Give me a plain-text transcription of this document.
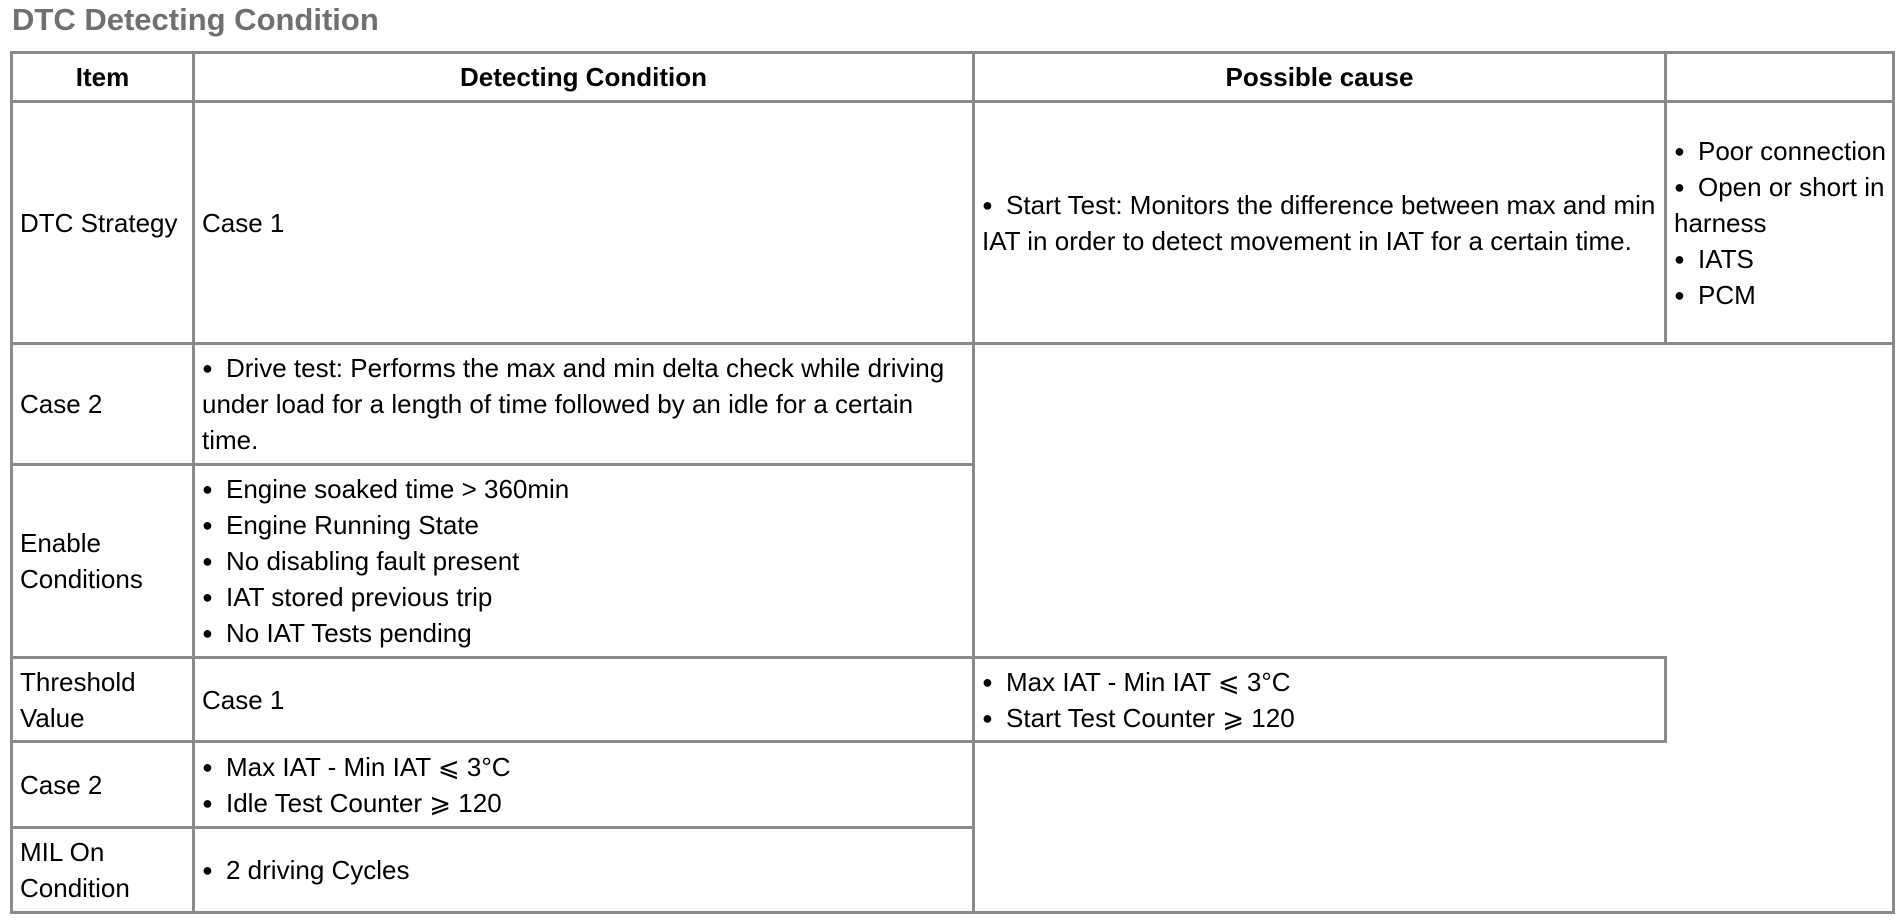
DTC Detecting Condition
Item	Detecting Condition	Possible cause
DTC Strategy Case 1
● Start Test: Monitors the difference between max and min IAT in order to detect movement in IAT for a certain time.
● Poor connection
● Open or short in harness
● IATS
● PCM
Case 2
● Drive test: Performs the max and min delta check while driving under load for a length of time followed by an idle for a certain time.
Enable
Conditions
● Engine soaked time > 360min
● Engine Running State
● No disabling fault present
● IAT stored previous trip
● No IAT Tests pending
Threshold
Value
Case 1
● Max IAT - Min IAT ⩽ 3°C
● Start Test Counter ⩾ 120
Case 2
● Max IAT - Min IAT ⩽ 3°C
● Idle Test Counter ⩾ 120
MIL On
Condition
● 2 driving Cycles
